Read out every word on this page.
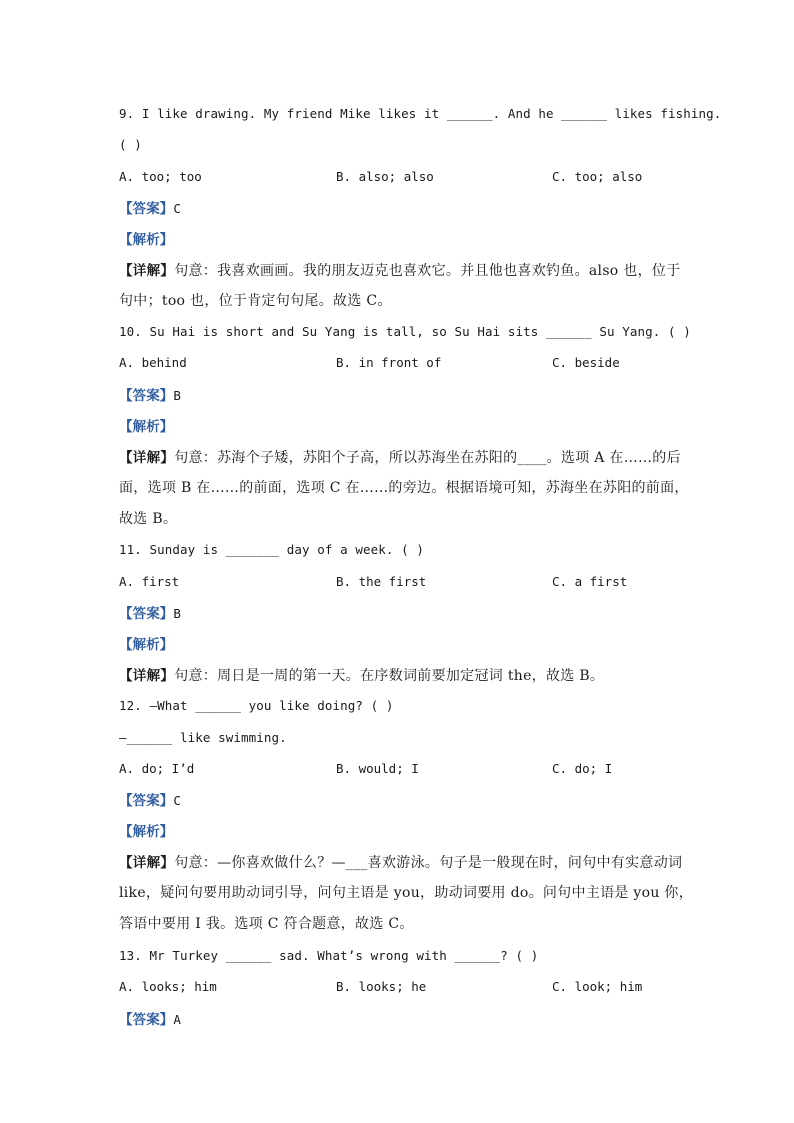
9. I like drawing. My friend Mike likes it ______. And he ______ likes fishing.
( )
A. too; too	B. also; also	C. too; also
【答案】C
【解析】
【详解】句意：我喜欢画画。我的朋友迈克也喜欢它。并且他也喜欢钓鱼。also 也，位于
句中；too 也，位于肯定句句尾。故选 C。
10. Su Hai is short and Su Yang is tall, so Su Hai sits ______ Su Yang. ( )
A. behind	B. in front of	C. beside
【答案】B
【解析】
【详解】句意：苏海个子矮，苏阳个子高，所以苏海坐在苏阳的____。选项 A 在……的后
面，选项 B 在……的前面，选项 C 在……的旁边。根据语境可知，苏海坐在苏阳的前面，
故选 B。
11. Sunday is _______ day of a week. ( )
A. first	B. the first	C. a first
【答案】B
【解析】
【详解】句意：周日是一周的第一天。在序数词前要加定冠词 the，故选 B。
12. —What ______ you like doing? ( )
—______ like swimming.
A. do; I’d	B. would; I	C. do; I
【答案】C
【解析】
【详解】句意：—你喜欢做什么？—___喜欢游泳。句子是一般现在时，问句中有实意动词
like，疑问句要用助动词引导，问句主语是 you，助动词要用 do。问句中主语是 you 你，
答语中要用 I 我。选项 C 符合题意，故选 C。
13. Mr Turkey ______ sad. What’s wrong with ______? ( )
A. looks; him	B. looks; he	C. look; him
【答案】A
